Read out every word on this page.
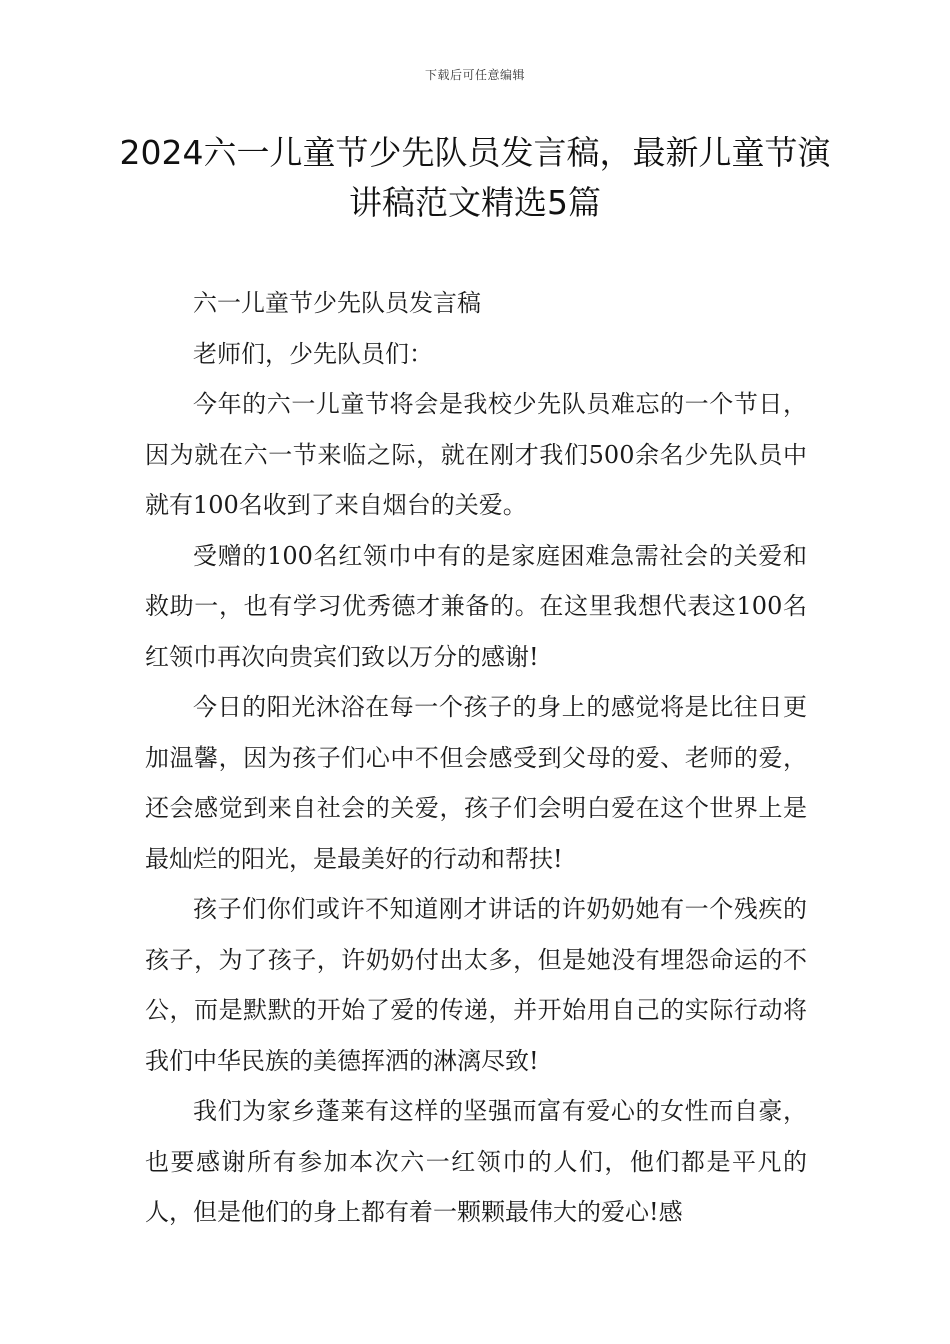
下载后可任意编辑
2024六一儿童节少先队员发言稿，最新儿童节演讲稿范文精选5篇

六一儿童节少先队员发言稿

老师们，少先队员们：

今年的六一儿童节将会是我校少先队员难忘的一个节日，因为就在六一节来临之际，就在刚才我们500余名少先队员中就有100名收到了来自烟台的关爱。

受赠的100名红领巾中有的是家庭困难急需社会的关爱和救助一，也有学习优秀德才兼备的。在这里我想代表这100名红领巾再次向贵宾们致以万分的感谢!

今日的阳光沐浴在每一个孩子的身上的感觉将是比往日更加温馨，因为孩子们心中不但会感受到父母的爱、老师的爱，还会感觉到来自社会的关爱，孩子们会明白爱在这个世界上是最灿烂的阳光，是最美好的行动和帮扶!

孩子们你们或许不知道刚才讲话的许奶奶她有一个残疾的孩子，为了孩子，许奶奶付出太多，但是她没有埋怨命运的不公，而是默默的开始了爱的传递，并开始用自己的实际行动将我们中华民族的美德挥洒的淋漓尽致!

我们为家乡蓬莱有这样的坚强而富有爱心的女性而自豪，也要感谢所有参加本次六一红领巾的人们，他们都是平凡的人，但是他们的身上都有着一颗颗最伟大的爱心!感
